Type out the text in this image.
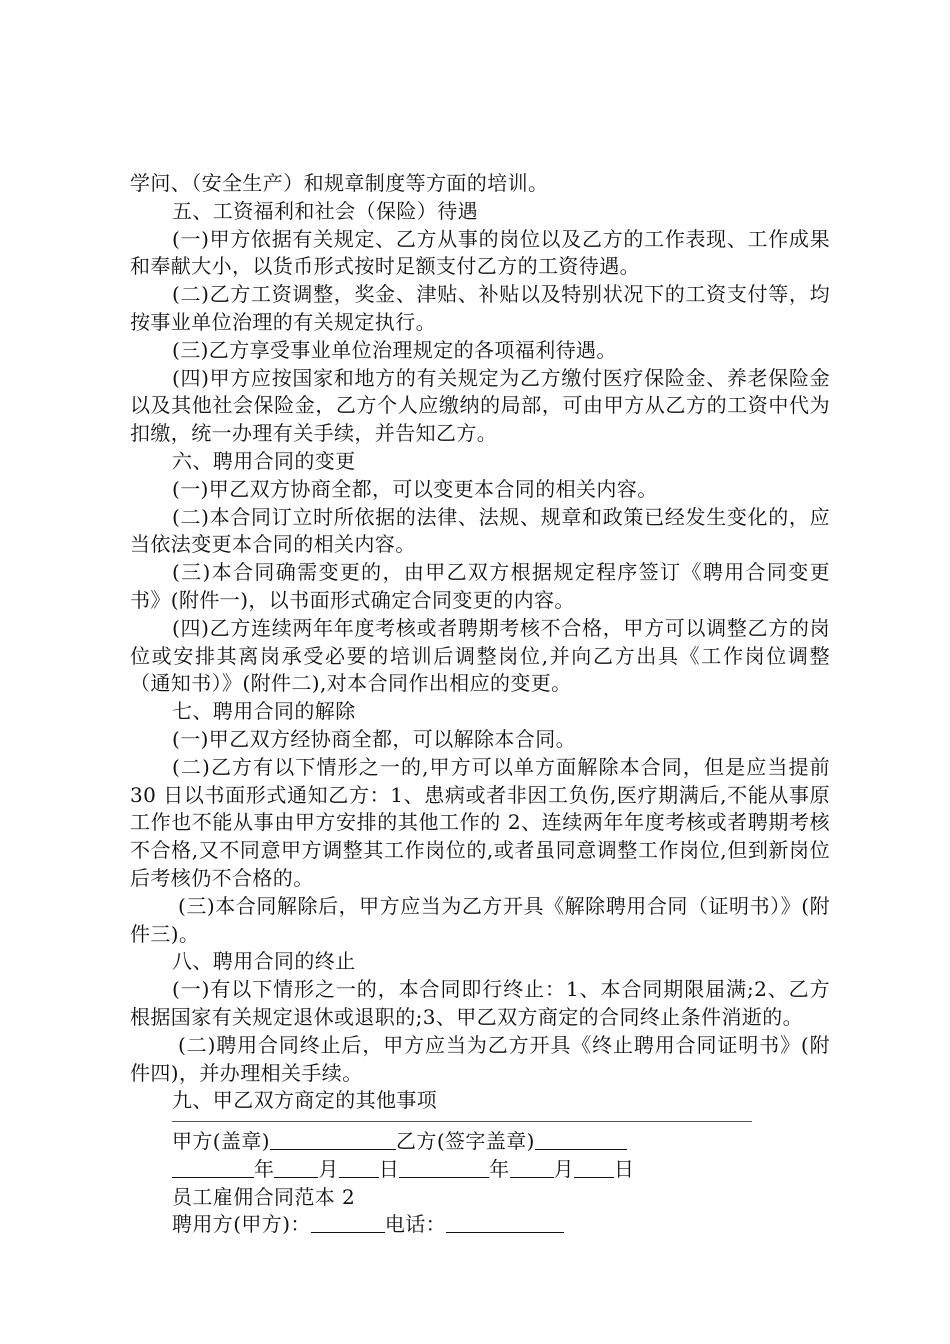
学问、（安全生产）和规章制度等方面的培训。

五、工资福利和社会（保险）待遇

(一)甲方依据有关规定、乙方从事的岗位以及乙方的工作表现、工作成果和奉献大小，以货币形式按时足额支付乙方的工资待遇。

(二)乙方工资调整，奖金、津贴、补贴以及特别状况下的工资支付等，均按事业单位治理的有关规定执行。

(三)乙方享受事业单位治理规定的各项福利待遇。

(四)甲方应按国家和地方的有关规定为乙方缴付医疗保险金、养老保险金以及其他社会保险金，乙方个人应缴纳的局部，可由甲方从乙方的工资中代为扣缴，统一办理有关手续，并告知乙方。

六、聘用合同的变更

(一)甲乙双方协商全都，可以变更本合同的相关内容。

(二)本合同订立时所依据的法律、法规、规章和政策已经发生变化的，应当依法变更本合同的相关内容。

(三)本合同确需变更的，由甲乙双方根据规定程序签订《聘用合同变更书》(附件一)，以书面形式确定合同变更的内容。

(四)乙方连续两年年度考核或者聘期考核不合格，甲方可以调整乙方的岗位或安排其离岗承受必要的培训后调整岗位,并向乙方出具《工作岗位调整（通知书）》(附件二),对本合同作出相应的变更。

七、聘用合同的解除

(一)甲乙双方经协商全都，可以解除本合同。

(二)乙方有以下情形之一的,甲方可以单方面解除本合同，但是应当提前 30 日以书面形式通知乙方：1、患病或者非因工负伤,医疗期满后,不能从事原工作也不能从事由甲方安排的其他工作的 2、连续两年年度考核或者聘期考核不合格,又不同意甲方调整其工作岗位的,或者虽同意调整工作岗位,但到新岗位后考核仍不合格的。

(三)本合同解除后，甲方应当为乙方开具《解除聘用合同（证明书）》(附件三)。

八、聘用合同的终止

(一)有以下情形之一的，本合同即行终止：1、本合同期限届满;2、乙方根据国家有关规定退休或退职的;3、甲乙双方商定的合同终止条件消逝的。

(二)聘用合同终止后，甲方应当为乙方开具《终止聘用合同证明书》(附件四)，并办理相关手续。

九、甲乙双方商定的其他事项

甲方(盖章)	乙方(签字盖章)

年 月 日	年 月 日

员工雇佣合同范本 2

聘用方(甲方)：	电话：
